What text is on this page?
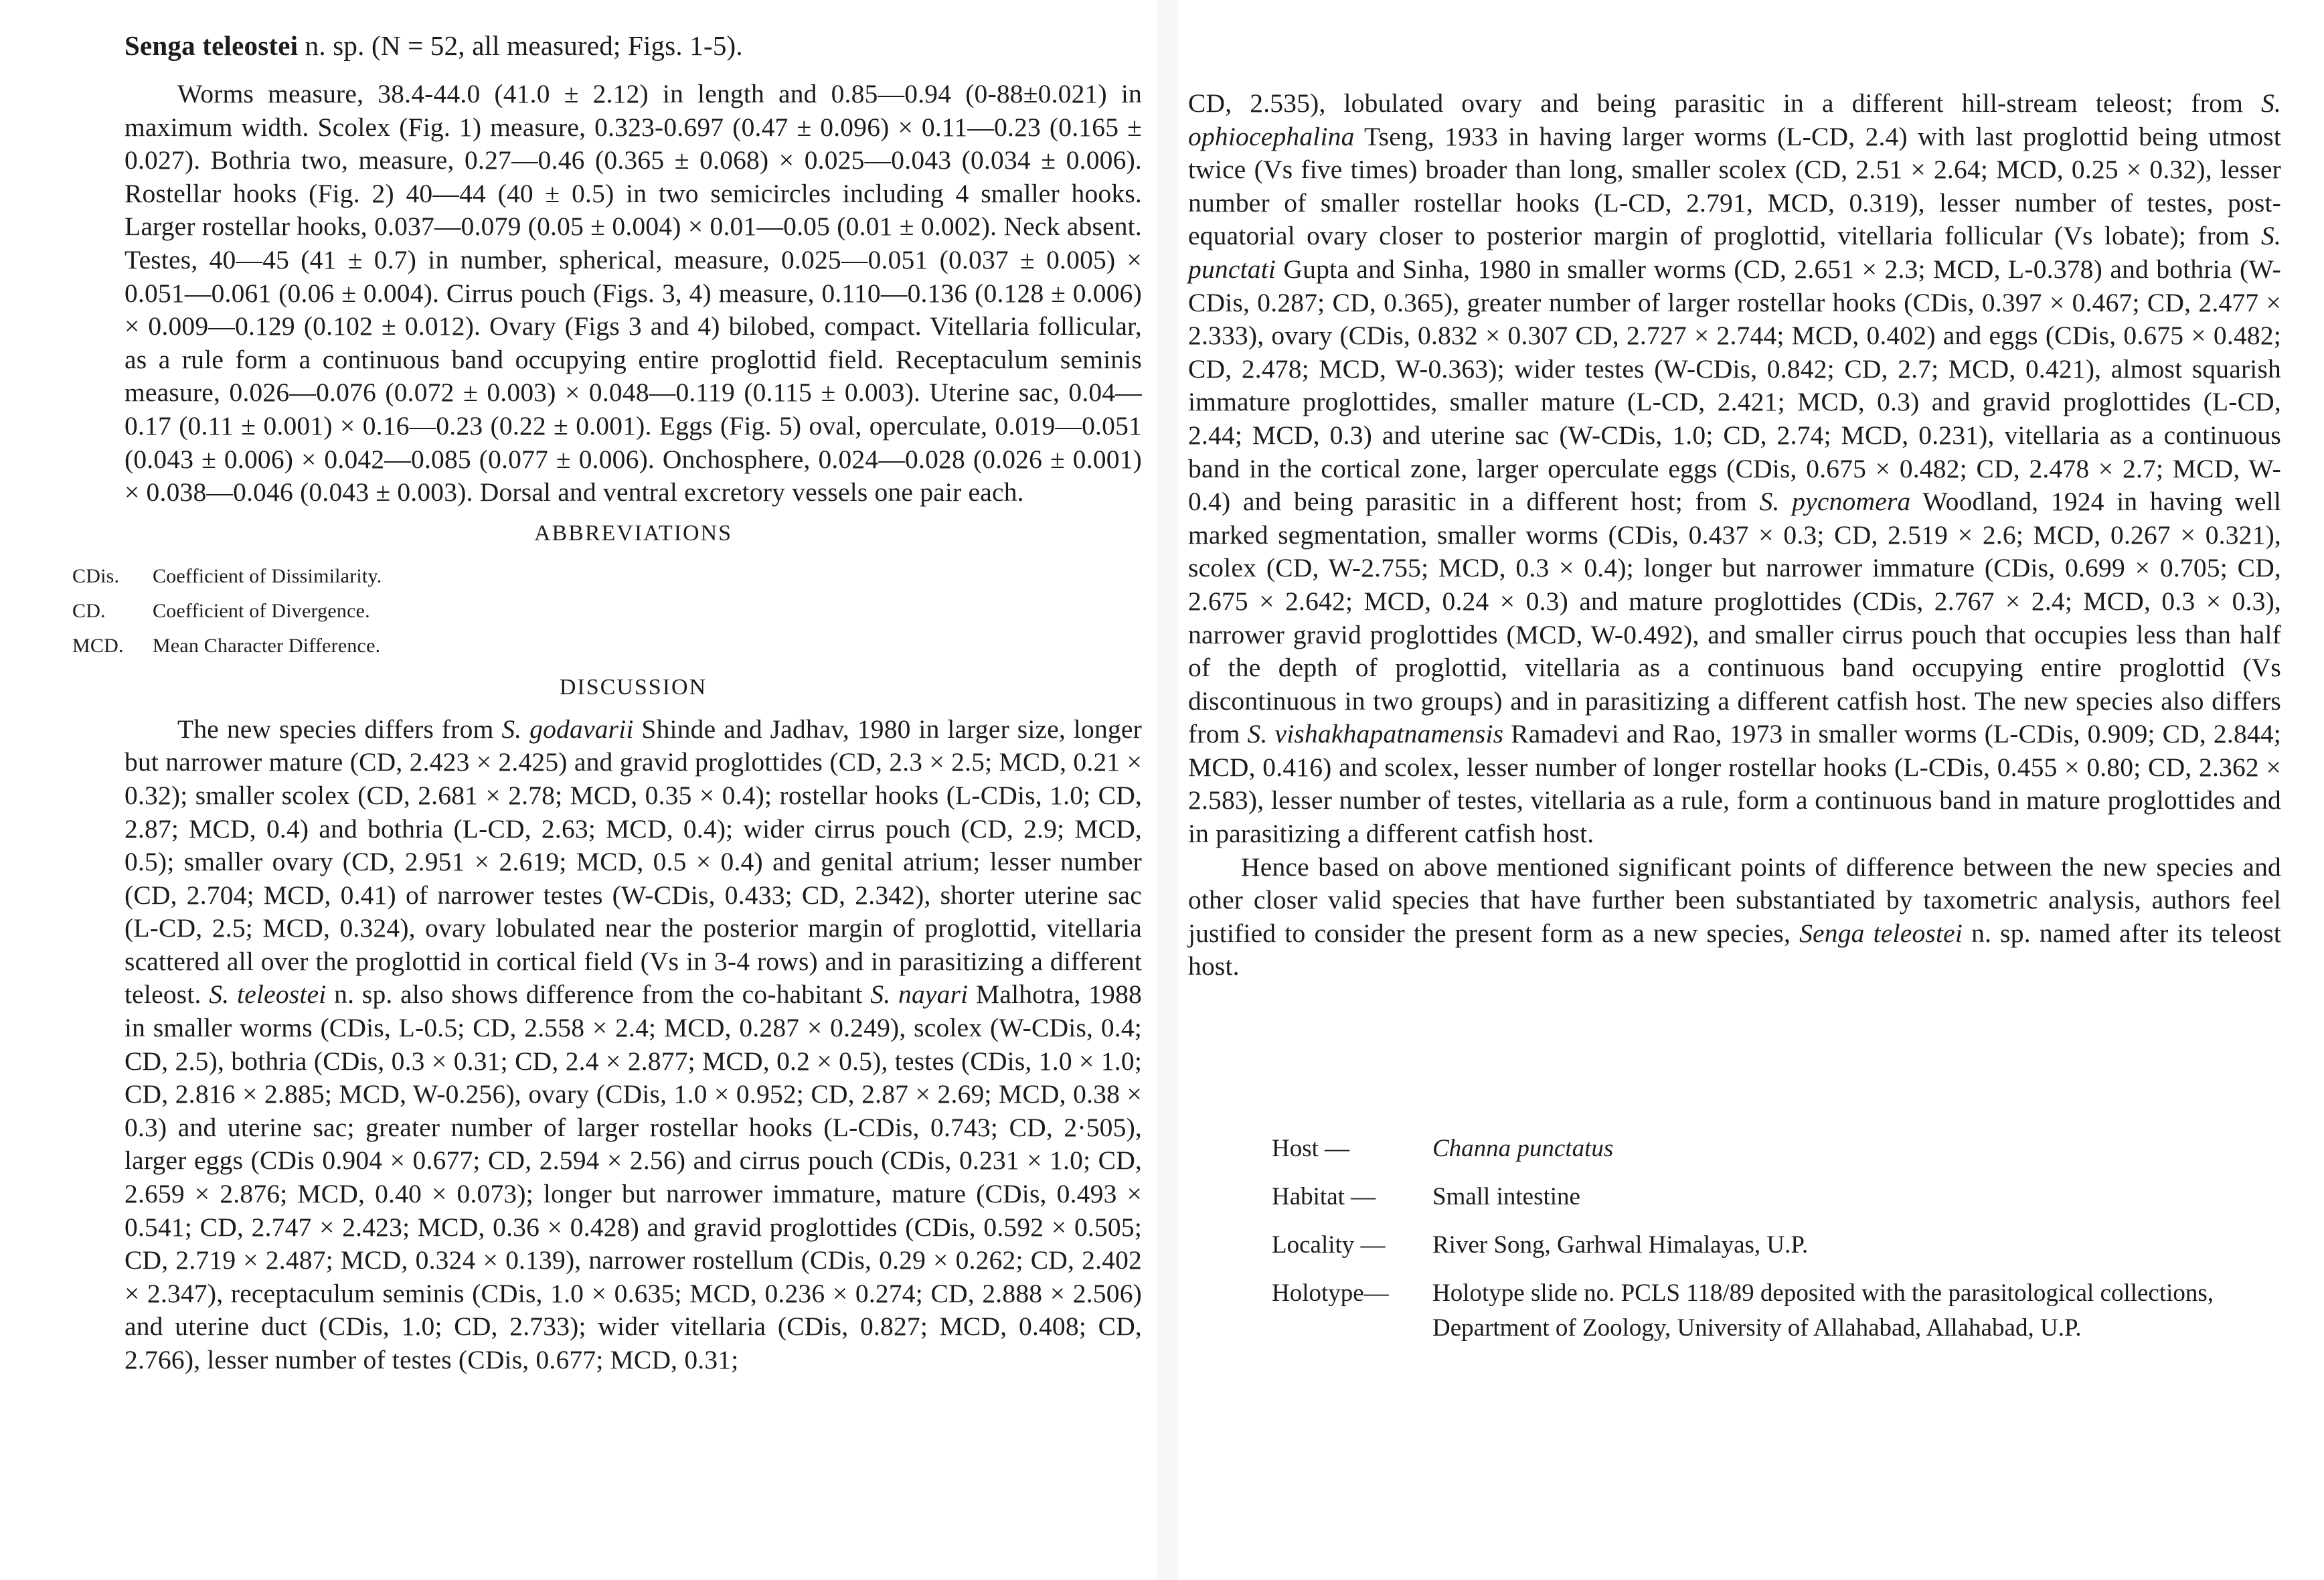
Senga teleostei n. sp. (N = 52, all measured; Figs. 1-5).

Worms measure, 38.4-44.0 (41.0 ± 2.12) in length and 0.85—0.94 (0-88±0.021) in maximum width. Scolex (Fig. 1) measure, 0.323-0.697 (0.47 ± 0.096) × 0.11—0.23 (0.165 ± 0.027). Bothria two, measure, 0.27—0.46 (0.365 ± 0.068) × 0.025—0.043 (0.034 ± 0.006). Rostellar hooks (Fig. 2) 40—44 (40 ± 0.5) in two semicircles including 4 smaller hooks. Larger rostellar hooks, 0.037—0.079 (0.05 ± 0.004) × 0.01—0.05 (0.01 ± 0.002). Neck absent. Testes, 40—45 (41 ± 0.7) in number, spherical, measure, 0.025—0.051 (0.037 ± 0.005) × 0.051—0.061 (0.06 ± 0.004). Cirrus pouch (Figs. 3, 4) measure, 0.110—0.136 (0.128 ± 0.006) × 0.009—0.129 (0.102 ± 0.012). Ovary (Figs 3 and 4) bilobed, compact. Vitellaria follicular, as a rule form a continuous band occupying entire proglottid field. Receptaculum seminis measure, 0.026—0.076 (0.072 ± 0.003) × 0.048—0.119 (0.115 ± 0.003). Uterine sac, 0.04—0.17 (0.11 ± 0.001) × 0.16—0.23 (0.22 ± 0.001). Eggs (Fig. 5) oval, operculate, 0.019—0.051 (0.043 ± 0.006) × 0.042—0.085 (0.077 ± 0.006). Onchosphere, 0.024—0.028 (0.026 ± 0.001) × 0.038—0.046 (0.043 ± 0.003). Dorsal and ventral excretory vessels one pair each.

ABBREVIATIONS
CDis.	Coefficient of Dissimilarity.
CD.	Coefficient of Divergence.
MCD.	Mean Character Difference.
DISCUSSION

The new species differs from S. godavarii Shinde and Jadhav, 1980 in larger size, longer but narrower mature (CD, 2.423 × 2.425) and gravid proglottides (CD, 2.3 × 2.5; MCD, 0.21 × 0.32); smaller scolex (CD, 2.681 × 2.78; MCD, 0.35 × 0.4); rostellar hooks (L-CDis, 1.0; CD, 2.87; MCD, 0.4) and bothria (L-CD, 2.63; MCD, 0.4); wider cirrus pouch (CD, 2.9; MCD, 0.5); smaller ovary (CD, 2.951 × 2.619; MCD, 0.5 × 0.4) and genital atrium; lesser number (CD, 2.704; MCD, 0.41) of narrower testes (W-CDis, 0.433; CD, 2.342), shorter uterine sac (L-CD, 2.5; MCD, 0.324), ovary lobulated near the posterior margin of proglottid, vitellaria scattered all over the proglottid in cortical field (Vs in 3-4 rows) and in parasitizing a different teleost. S. teleostei n. sp. also shows difference from the co-habitant S. nayari Malhotra, 1988 in smaller worms (CDis, L-0.5; CD, 2.558 × 2.4; MCD, 0.287 × 0.249), scolex (W-CDis, 0.4; CD, 2.5), bothria (CDis, 0.3 × 0.31; CD, 2.4 × 2.877; MCD, 0.2 × 0.5), testes (CDis, 1.0 × 1.0; CD, 2.816 × 2.885; MCD, W-0.256), ovary (CDis, 1.0 × 0.952; CD, 2.87 × 2.69; MCD, 0.38 × 0.3) and uterine sac; greater number of larger rostellar hooks (L-CDis, 0.743; CD, 2·505), larger eggs (CDis 0.904 × 0.677; CD, 2.594 × 2.56) and cirrus pouch (CDis, 0.231 × 1.0; CD, 2.659 × 2.876; MCD, 0.40 × 0.073); longer but narrower immature, mature (CDis, 0.493 × 0.541; CD, 2.747 × 2.423; MCD, 0.36 × 0.428) and gravid proglottides (CDis, 0.592 × 0.505; CD, 2.719 × 2.487; MCD, 0.324 × 0.139), narrower rostellum (CDis, 0.29 × 0.262; CD, 2.402 × 2.347), receptaculum seminis (CDis, 1.0 × 0.635; MCD, 0.236 × 0.274; CD, 2.888 × 2.506) and uterine duct (CDis, 1.0; CD, 2.733); wider vitellaria (CDis, 0.827; MCD, 0.408; CD, 2.766), lesser number of testes (CDis, 0.677; MCD, 0.31;

CD, 2.535), lobulated ovary and being parasitic in a different hill-stream teleost; from S. ophiocephalina Tseng, 1933 in having larger worms (L-CD, 2.4) with last proglottid being utmost twice (Vs five times) broader than long, smaller scolex (CD, 2.51 × 2.64; MCD, 0.25 × 0.32), lesser number of smaller rostellar hooks (L-CD, 2.791, MCD, 0.319), lesser number of testes, post-equatorial ovary closer to posterior margin of proglottid, vitellaria follicular (Vs lobate); from S. punctati Gupta and Sinha, 1980 in smaller worms (CD, 2.651 × 2.3; MCD, L-0.378) and bothria (W-CDis, 0.287; CD, 0.365), greater number of larger rostellar hooks (CDis, 0.397 × 0.467; CD, 2.477 × 2.333), ovary (CDis, 0.832 × 0.307 CD, 2.727 × 2.744; MCD, 0.402) and eggs (CDis, 0.675 × 0.482; CD, 2.478; MCD, W-0.363); wider testes (W-CDis, 0.842; CD, 2.7; MCD, 0.421), almost squarish immature proglottides, smaller mature (L-CD, 2.421; MCD, 0.3) and gravid proglottides (L-CD, 2.44; MCD, 0.3) and uterine sac (W-CDis, 1.0; CD, 2.74; MCD, 0.231), vitellaria as a continuous band in the cortical zone, larger operculate eggs (CDis, 0.675 × 0.482; CD, 2.478 × 2.7; MCD, W-0.4) and being parasitic in a different host; from S. pycnomera Woodland, 1924 in having well marked segmentation, smaller worms (CDis, 0.437 × 0.3; CD, 2.519 × 2.6; MCD, 0.267 × 0.321), scolex (CD, W-2.755; MCD, 0.3 × 0.4); longer but narrower immature (CDis, 0.699 × 0.705; CD, 2.675 × 2.642; MCD, 0.24 × 0.3) and mature proglottides (CDis, 2.767 × 2.4; MCD, 0.3 × 0.3), narrower gravid proglottides (MCD, W-0.492), and smaller cirrus pouch that occupies less than half of the depth of proglottid, vitellaria as a continuous band occupying entire proglottid (Vs discontinuous in two groups) and in parasitizing a different catfish host. The new species also differs from S. vishakhapatnamensis Ramadevi and Rao, 1973 in smaller worms (L-CDis, 0.909; CD, 2.844; MCD, 0.416) and scolex, lesser number of longer rostellar hooks (L-CDis, 0.455 × 0.80; CD, 2.362 × 2.583), lesser number of testes, vitellaria as a rule, form a continuous band in mature proglottides and in parasitizing a different catfish host.

Hence based on above mentioned significant points of difference between the new species and other closer valid species that have further been substantiated by taxometric analysis, authors feel justified to consider the present form as a new species, Senga teleostei n. sp. named after its teleost host.

Host —	Channa punctatus
Habitat —	Small intestine
Locality —	River Song, Garhwal Himalayas, U.P.
Holotype—	Holotype slide no. PCLS 118/89 deposited with the parasitological collections, Department of Zoology, University of Allahabad, Allahabad, U.P.
